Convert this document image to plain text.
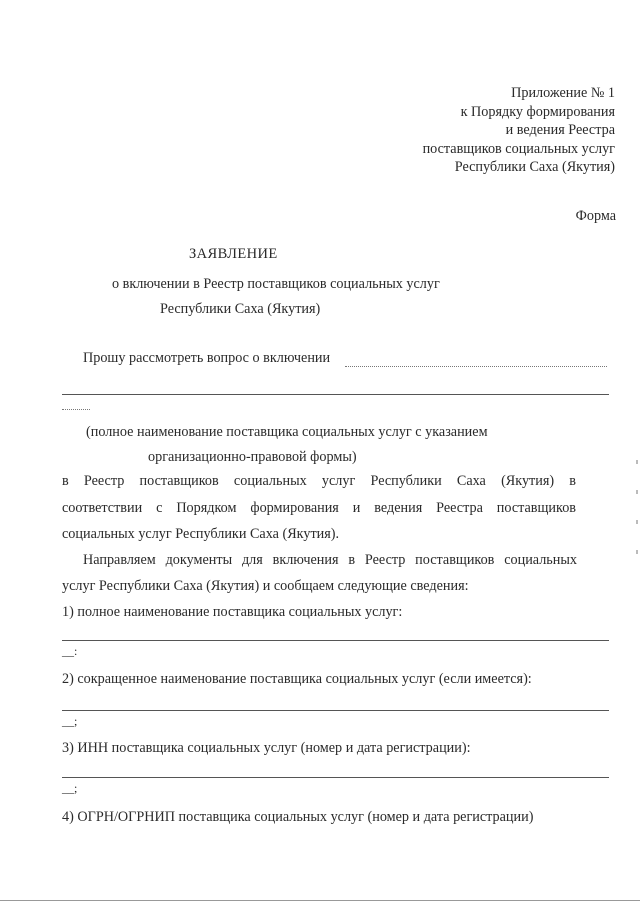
Приложение № 1
к Порядку формирования
и ведения Реестра
поставщиков социальных услуг
Республики Саха (Якутия)
Форма
ЗАЯВЛЕНИЕ
о включении в Реестр поставщиков социальных услуг
Республики Саха (Якутия)
Прошу рассмотреть вопрос о включении
(полное наименование поставщика социальных услуг с указанием
организационно-правовой формы)
в Реестр поставщиков социальных услуг Республики Саха (Якутия) в
соответствии с Порядком формирования и ведения Реестра поставщиков
социальных услуг Республики Саха (Якутия).
Направляем документы для включения в Реестр поставщиков социальных
услуг Республики Саха (Якутия) и сообщаем следующие сведения:
1) полное наименование поставщика социальных услуг:
__:
2) сокращенное наименование поставщика социальных услуг (если имеется):
__;
3) ИНН поставщика социальных услуг (номер и дата регистрации):
__;
4) ОГРН/ОГРНИП поставщика социальных услуг (номер и дата регистрации)
